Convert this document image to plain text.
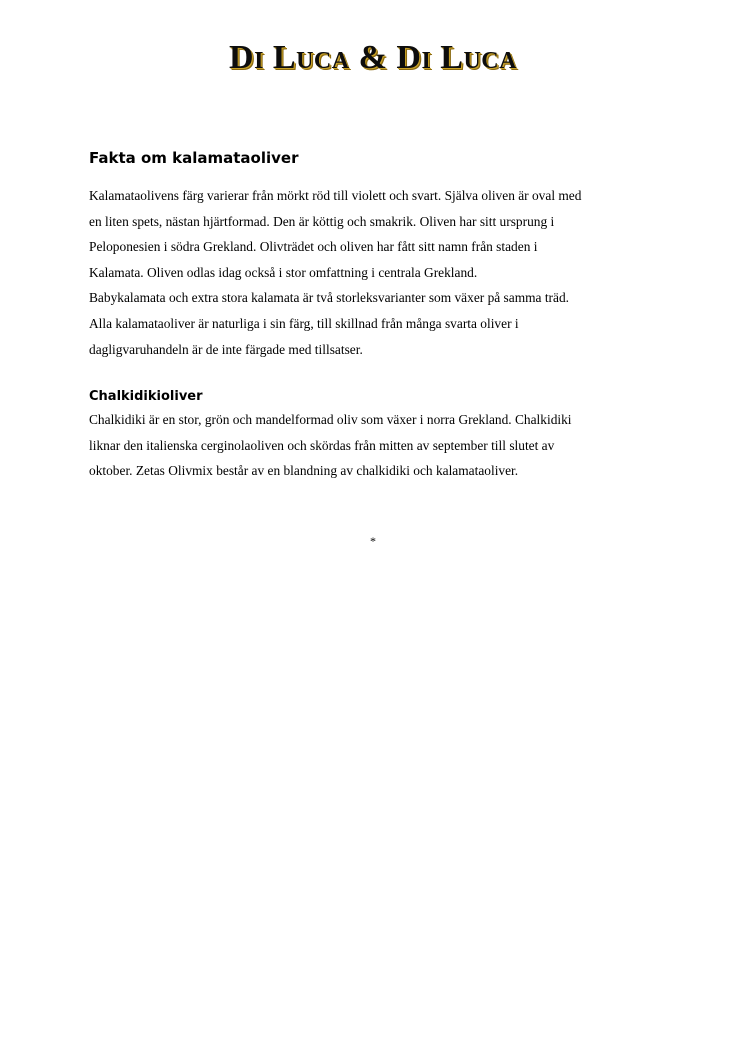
Di Luca & Di Luca
Fakta om kalamataoliver
Kalamataolivens färg varierar från mörkt röd till violett och svart. Själva oliven är oval med
en liten spets, nästan hjärtformad. Den är köttig och smakrik. Oliven har sitt ursprung i
Peloponesien i södra Grekland. Olivträdet och oliven har fått sitt namn från staden i
Kalamata. Oliven odlas idag också i stor omfattning i centrala Grekland.
Babykalamata och extra stora kalamata är två storleksvarianter som växer på samma träd.
Alla kalamataoliver är naturliga i sin färg, till skillnad från många svarta oliver i
dagligvaruhandeln är de inte färgade med tillsatser.
Chalkidikioliver
Chalkidiki är en stor, grön och mandelformad oliv som växer i norra Grekland. Chalkidiki
liknar den italienska cerginolaoliven och skördas från mitten av september till slutet av
oktober. Zetas Olivmix består av en blandning av chalkidiki och kalamataoliver.
*
